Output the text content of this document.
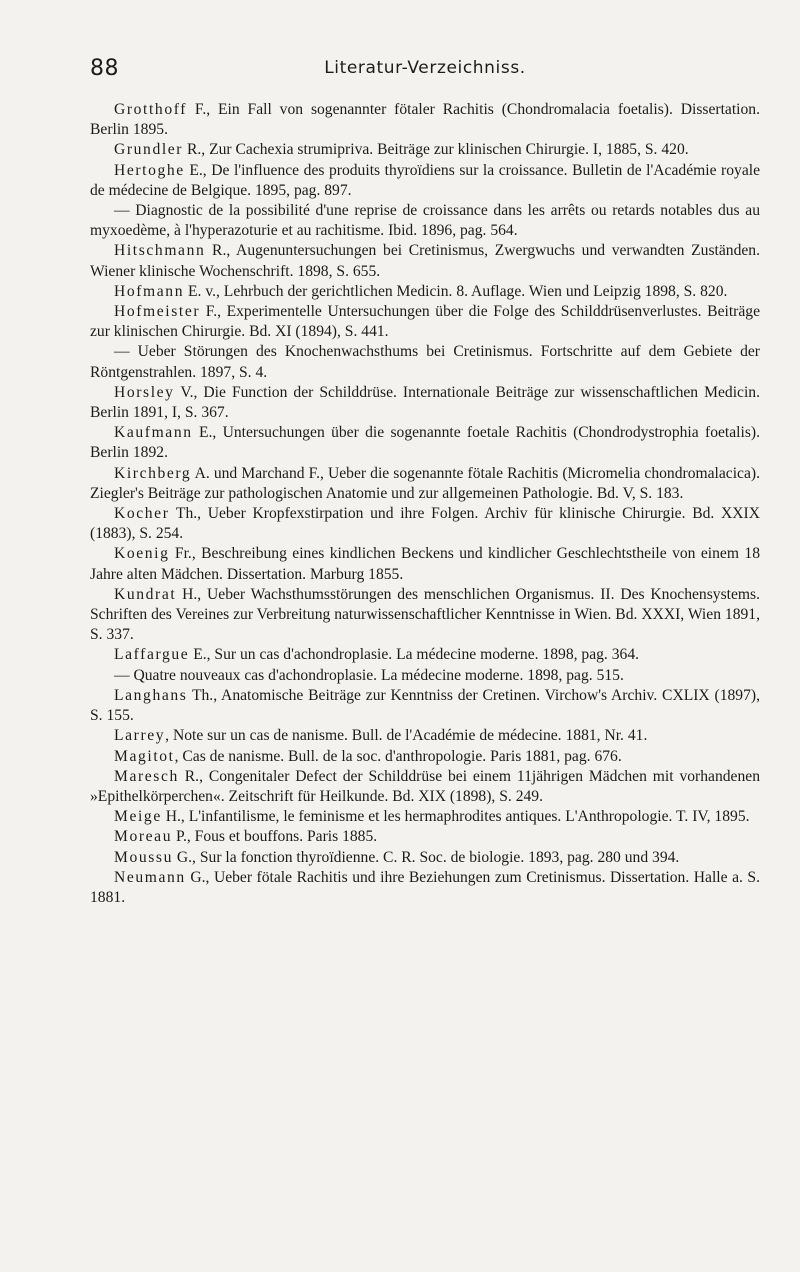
88	Literatur-Verzeichniss.

Grotthoff F., Ein Fall von sogenannter fötaler Rachitis (Chondromalacia foetalis). Dissertation. Berlin 1895.

Grundler R., Zur Cachexia strumipriva. Beiträge zur klinischen Chirurgie. I, 1885, S. 420.

Hertoghe E., De l'influence des produits thyroïdiens sur la croissance. Bulletin de l'Académie royale de médecine de Belgique. 1895, pag. 897.

— Diagnostic de la possibilité d'une reprise de croissance dans les arrêts ou retards notables dus au myxoedème, à l'hyperazoturie et au rachitisme. Ibid. 1896, pag. 564.

Hitschmann R., Augenuntersuchungen bei Cretinismus, Zwergwuchs und verwandten Zuständen. Wiener klinische Wochenschrift. 1898, S. 655.

Hofmann E. v., Lehrbuch der gerichtlichen Medicin. 8. Auflage. Wien und Leipzig 1898, S. 820.

Hofmeister F., Experimentelle Untersuchungen über die Folge des Schilddrüsenverlustes. Beiträge zur klinischen Chirurgie. Bd. XI (1894), S. 441.

— Ueber Störungen des Knochenwachsthums bei Cretinismus. Fortschritte auf dem Gebiete der Röntgenstrahlen. 1897, S. 4.

Horsley V., Die Function der Schilddrüse. Internationale Beiträge zur wissenschaftlichen Medicin. Berlin 1891, I, S. 367.

Kaufmann E., Untersuchungen über die sogenannte foetale Rachitis (Chondrodystrophia foetalis). Berlin 1892.

Kirchberg A. und Marchand F., Ueber die sogenannte fötale Rachitis (Micromelia chondromalacica). Ziegler's Beiträge zur pathologischen Anatomie und zur allgemeinen Pathologie. Bd. V, S. 183.

Kocher Th., Ueber Kropfexstirpation und ihre Folgen. Archiv für klinische Chirurgie. Bd. XXIX (1883), S. 254.

Koenig Fr., Beschreibung eines kindlichen Beckens und kindlicher Geschlechtstheile von einem 18 Jahre alten Mädchen. Dissertation. Marburg 1855.

Kundrat H., Ueber Wachsthumsstörungen des menschlichen Organismus. II. Des Knochensystems. Schriften des Vereines zur Verbreitung naturwissenschaftlicher Kenntnisse in Wien. Bd. XXXI, Wien 1891, S. 337.

Laffargue E., Sur un cas d'achondroplasie. La médecine moderne. 1898, pag. 364.

— Quatre nouveaux cas d'achondroplasie. La médecine moderne. 1898, pag. 515.

Langhans Th., Anatomische Beiträge zur Kenntniss der Cretinen. Virchow's Archiv. CXLIX (1897), S. 155.

Larrey, Note sur un cas de nanisme. Bull. de l'Académie de médecine. 1881, Nr. 41.

Magitot, Cas de nanisme. Bull. de la soc. d'anthropologie. Paris 1881, pag. 676.

Maresch R., Congenitaler Defect der Schilddrüse bei einem 11jährigen Mädchen mit vorhandenen »Epithelkörperchen«. Zeitschrift für Heilkunde. Bd. XIX (1898), S. 249.

Meige H., L'infantilisme, le feminisme et les hermaphrodites antiques. L'Anthropologie. T. IV, 1895.

Moreau P., Fous et bouffons. Paris 1885.

Moussu G., Sur la fonction thyroïdienne. C. R. Soc. de biologie. 1893, pag. 280 und 394.

Neumann G., Ueber fötale Rachitis und ihre Beziehungen zum Cretinismus. Dissertation. Halle a. S. 1881.
